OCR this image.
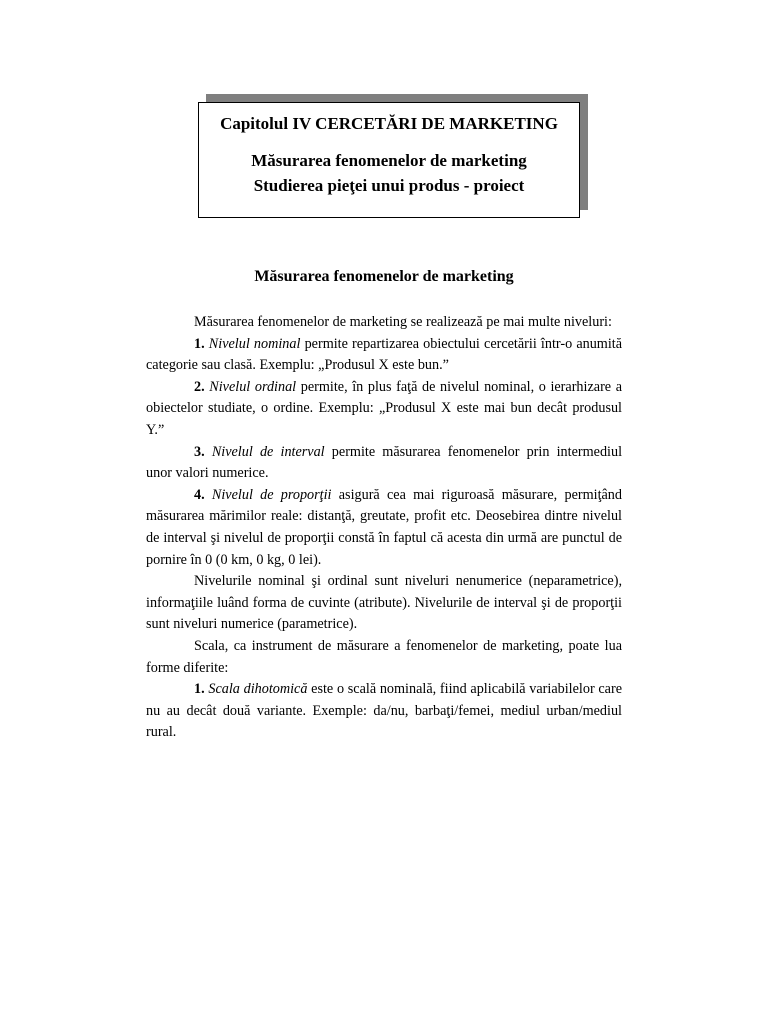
Capitolul IV CERCETĂRI DE MARKETING

Măsurarea fenomenelor de marketing

Studierea pieţei unui produs - proiect

Măsurarea fenomenelor de marketing

Măsurarea fenomenelor de marketing se realizează pe mai multe niveluri:

1. Nivelul nominal permite repartizarea obiectului cercetării într-o anumită categorie sau clasă. Exemplu: „Produsul X este bun.”

2. Nivelul ordinal permite, în plus faţă de nivelul nominal, o ierarhizare a obiectelor studiate, o ordine. Exemplu: „Produsul X este mai bun decât produsul Y.”

3. Nivelul de interval permite măsurarea fenomenelor prin intermediul unor valori numerice.

4. Nivelul de proporţii asigură cea mai riguroasă măsurare, permiţând măsurarea mărimilor reale: distanţă, greutate, profit etc. Deosebirea dintre nivelul de interval şi nivelul de proporţii constă în faptul că acesta din urmă are punctul de pornire în 0 (0 km, 0 kg, 0 lei).

Nivelurile nominal şi ordinal sunt niveluri nenumerice (neparametrice), informaţiile luând forma de cuvinte (atribute). Nivelurile de interval şi de proporţii sunt niveluri numerice (parametrice).

Scala, ca instrument de măsurare a fenomenelor de marketing, poate lua forme diferite:

1. Scala dihotomică este o scală nominală, fiind aplicabilă variabilelor care nu au decât două variante. Exemple: da/nu, barbaţi/femei, mediul urban/mediul rural.
